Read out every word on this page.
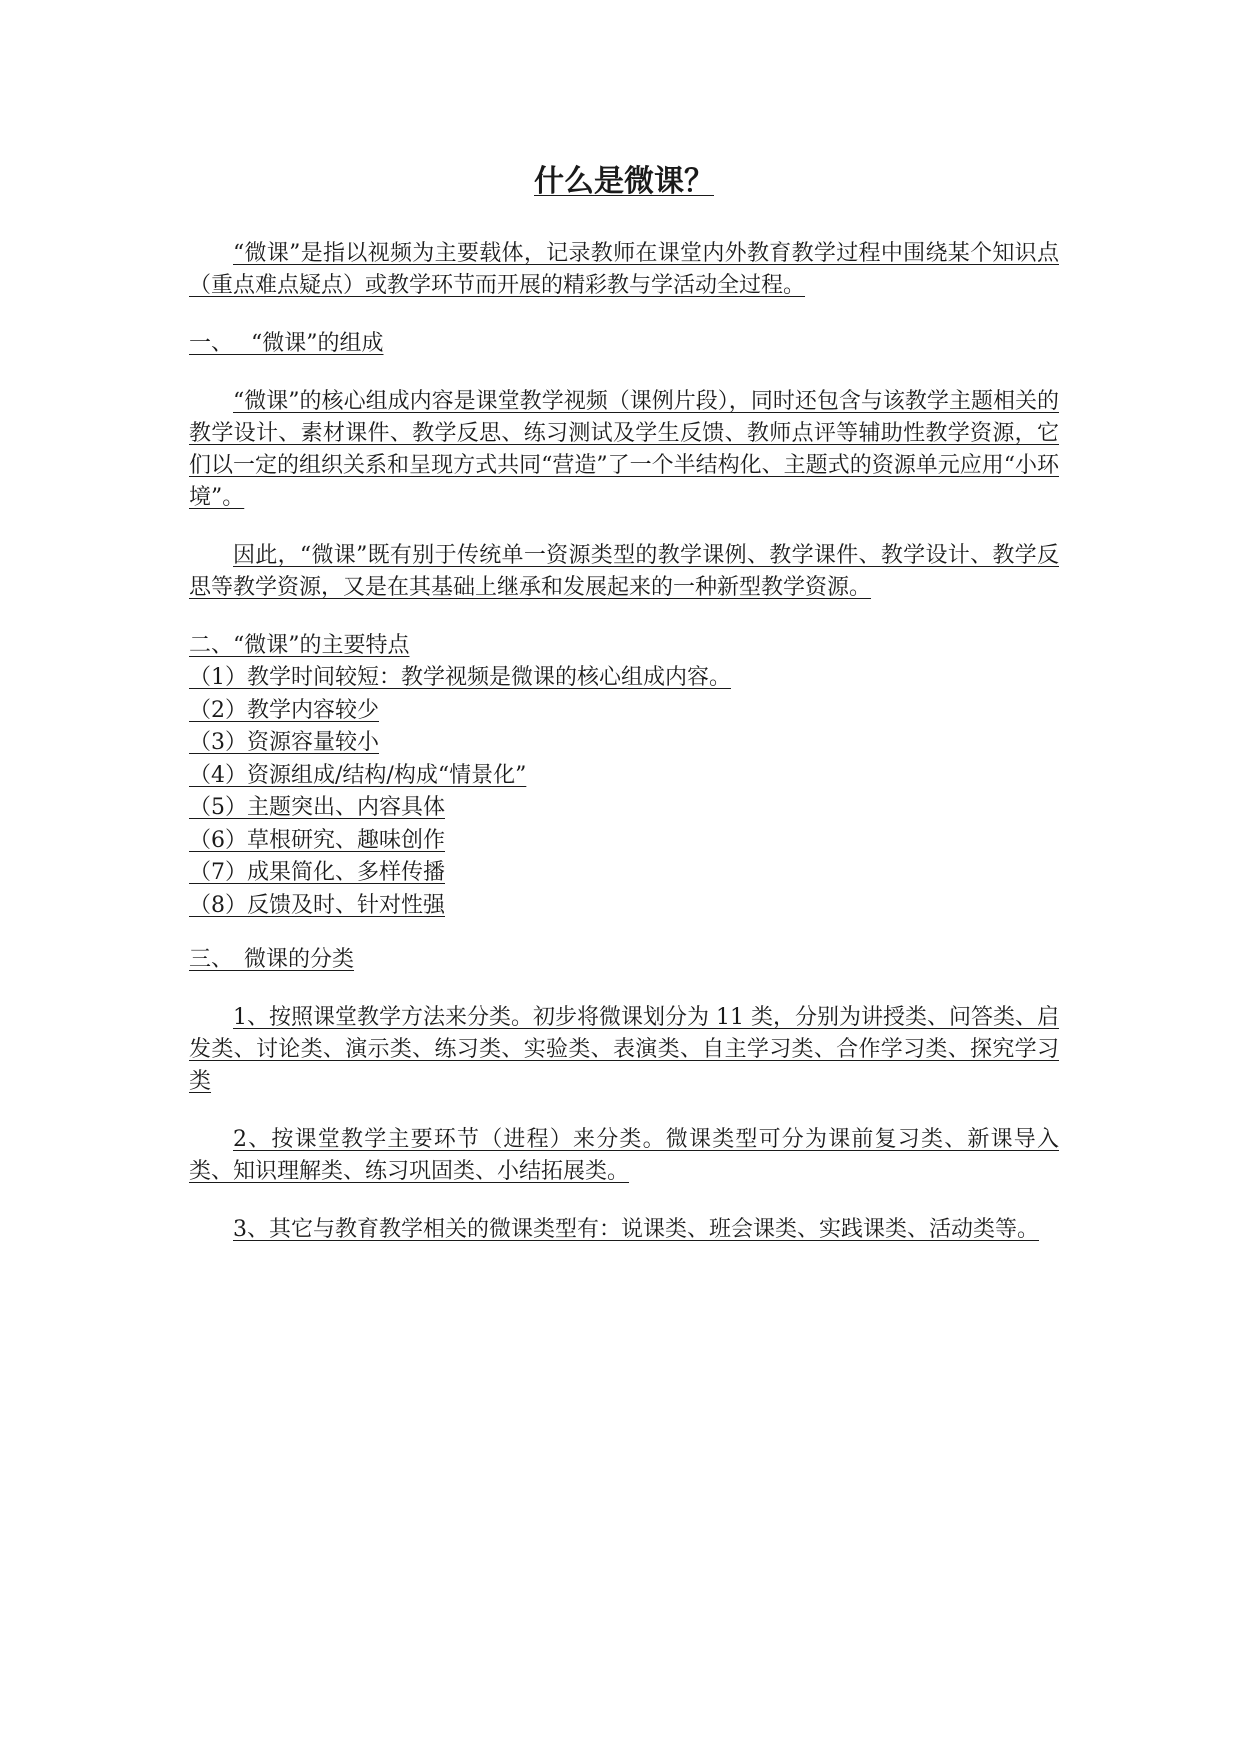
什么是微课？

“微课”是指以视频为主要载体，记录教师在课堂内外教育教学过程中围绕某个知识点（重点难点疑点）或教学环节而开展的精彩教与学活动全过程。

一、　 “微课”的组成

“微课”的核心组成内容是课堂教学视频（课例片段），同时还包含与该教学主题相关的教学设计、素材课件、教学反思、练习测试及学生反馈、教师点评等辅助性教学资源，它们以一定的组织关系和呈现方式共同“营造”了一个半结构化、主题式的资源单元应用“小环境”。

因此，“微课”既有别于传统单一资源类型的教学课例、教学课件、教学设计、教学反思等教学资源，又是在其基础上继承和发展起来的一种新型教学资源。

二、“微课”的主要特点

（1）教学时间较短：教学视频是微课的核心组成内容。
（2）教学内容较少
（3）资源容量较小
（4）资源组成/结构/构成“情景化”
（5）主题突出、内容具体
（6）草根研究、趣味创作
（7）成果简化、多样传播
（8）反馈及时、针对性强

三、　微课的分类

1、按照课堂教学方法来分类。初步将微课划分为 11 类，分别为讲授类、问答类、启发类、讨论类、演示类、练习类、实验类、表演类、自主学习类、合作学习类、探究学习类

2、按课堂教学主要环节（进程）来分类。微课类型可分为课前复习类、新课导入类、知识理解类、练习巩固类、小结拓展类。

3、其它与教育教学相关的微课类型有：说课类、班会课类、实践课类、活动类等。
